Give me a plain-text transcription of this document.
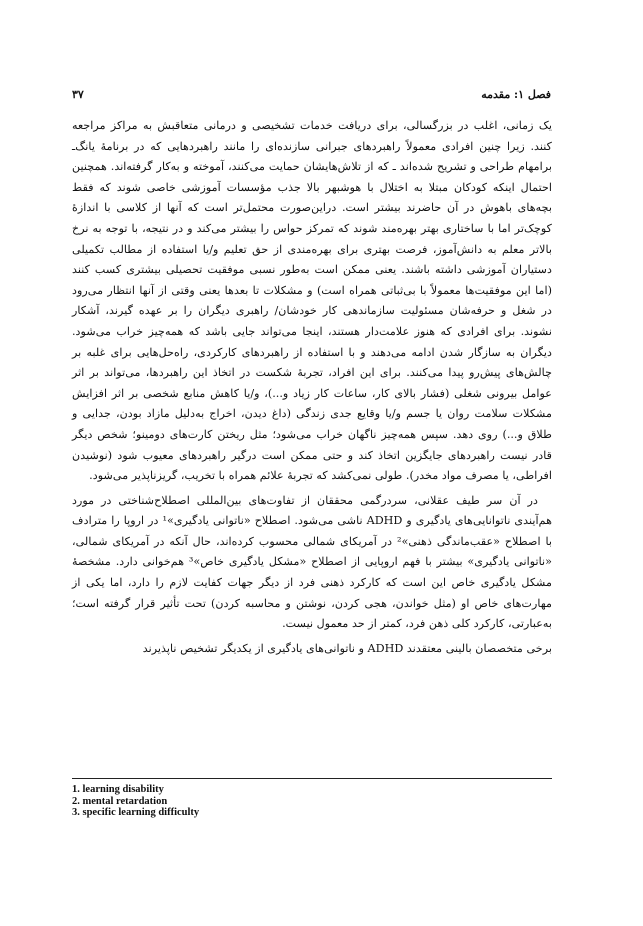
فصل ۱: مقدمه
۳۷

یک زمانی، اغلب در بزرگسالی، برای دریافت خدمات تشخیصی و درمانی متعاقبش به مراکز مراجعه کنند. زیرا چنین افرادی معمولاً راهبردهای جبرانی سازنده‌ای را مانند راهبردهایی که در برنامهٔ یانگ‌ـ برامهام طراحی و تشریح شده‌اند ـ که از تلاش‌هایشان حمایت می‌کنند، آموخته و به‌کار گرفته‌اند. همچنین احتمال اینکه کودکان مبتلا به اختلال با هوشبهر بالا جذب مؤسسات آموزشی خاصی شوند که فقط بچه‌های باهوش در آن حاضرند بیشتر است. دراین‌صورت محتمل‌تر است که آنها از کلاسی با اندازهٔ کوچک‌تر اما با ساختاری بهتر بهره‌مند شوند که تمرکز حواس را بیشتر می‌کند و در نتیجه، با توجه به نرخ بالاتر معلم به دانش‌آموز، فرصت بهتری برای بهره‌مندی از حق تعلیم و/یا استفاده از مطالب تکمیلی دستیاران آموزشی داشته باشند. یعنی ممکن است به‌طور نسبی موفقیت تحصیلی بیشتری کسب کنند (اما این موفقیت‌ها معمولاً با بی‌ثباتی همراه است) و مشکلات تا بعدها یعنی وقتی از آنها انتظار می‌رود در شغل و حرفه‌شان مسئولیت سازماندهی کار خودشان/ راهبری دیگران را بر عهده گیرند، آشکار نشوند. برای افرادی که هنوز علامت‌دار هستند، اینجا می‌تواند جایی باشد که همه‌چیز خراب می‌شود. دیگران به سازگار شدن ادامه می‌دهند و با استفاده از راهبردهای کارکردی، راه‌حل‌هایی برای غلبه بر چالش‌های پیش‌رو پیدا می‌کنند. برای این افراد، تجربهٔ شکست در اتخاذ این راهبردها، می‌تواند بر اثر عوامل بیرونی شغلی (فشار بالای کار، ساعات کار زیاد و...)، و/یا کاهش منابع شخصی بر اثر افزایش مشکلات سلامت روان یا جسم و/یا وقایع جدی زندگی (داغ دیدن، اخراج به‌دلیل مازاد بودن، جدایی و طلاق و...) روی دهد. سپس همه‌چیز ناگهان خراب می‌شود؛ مثل ریختن کارت‌های دومینو؛ شخص دیگر قادر نیست راهبردهای جایگزین اتخاذ کند و حتی ممکن است درگیر راهبردهای معیوب شود (نوشیدن افراطی، یا مصرف مواد مخدر). طولی نمی‌کشد که تجربهٔ علائم همراه با تخریب، گریزناپذیر می‌شود.

در آن سر طیف عقلانی، سردرگمی محققان از تفاوت‌های بین‌المللی اصطلاح‌شناختی در مورد هم‌آیندی ناتوانایی‌های یادگیری و ADHD ناشی می‌شود. اصطلاح «ناتوانی یادگیری»¹ در اروپا را مترادف با اصطلاح «عقب‌ماندگی ذهنی»² در آمریکای شمالی محسوب کرده‌اند، حال آنکه در آمریکای شمالی، «ناتوانی یادگیری» بیشتر با فهم اروپایی از اصطلاح «مشکل یادگیری خاص»³ هم‌خوانی دارد. مشخصهٔ مشکل یادگیری خاص این است که کارکرد ذهنی فرد از دیگر جهات کفایت لازم را دارد، اما یکی از مهارت‌های خاص او (مثل خواندن، هجی کردن، نوشتن و محاسبه کردن) تحت تأثیر قرار گرفته است؛ به‌عبارتی، کارکرد کلی ذهن فرد، کمتر از حد معمول نیست.

برخی متخصصان بالینی معتقدند ADHD و ناتوانی‌های یادگیری از یکدیگر تشخیص ناپذیرند

1. learning disability
2. mental retardation
3. specific learning difficulty
